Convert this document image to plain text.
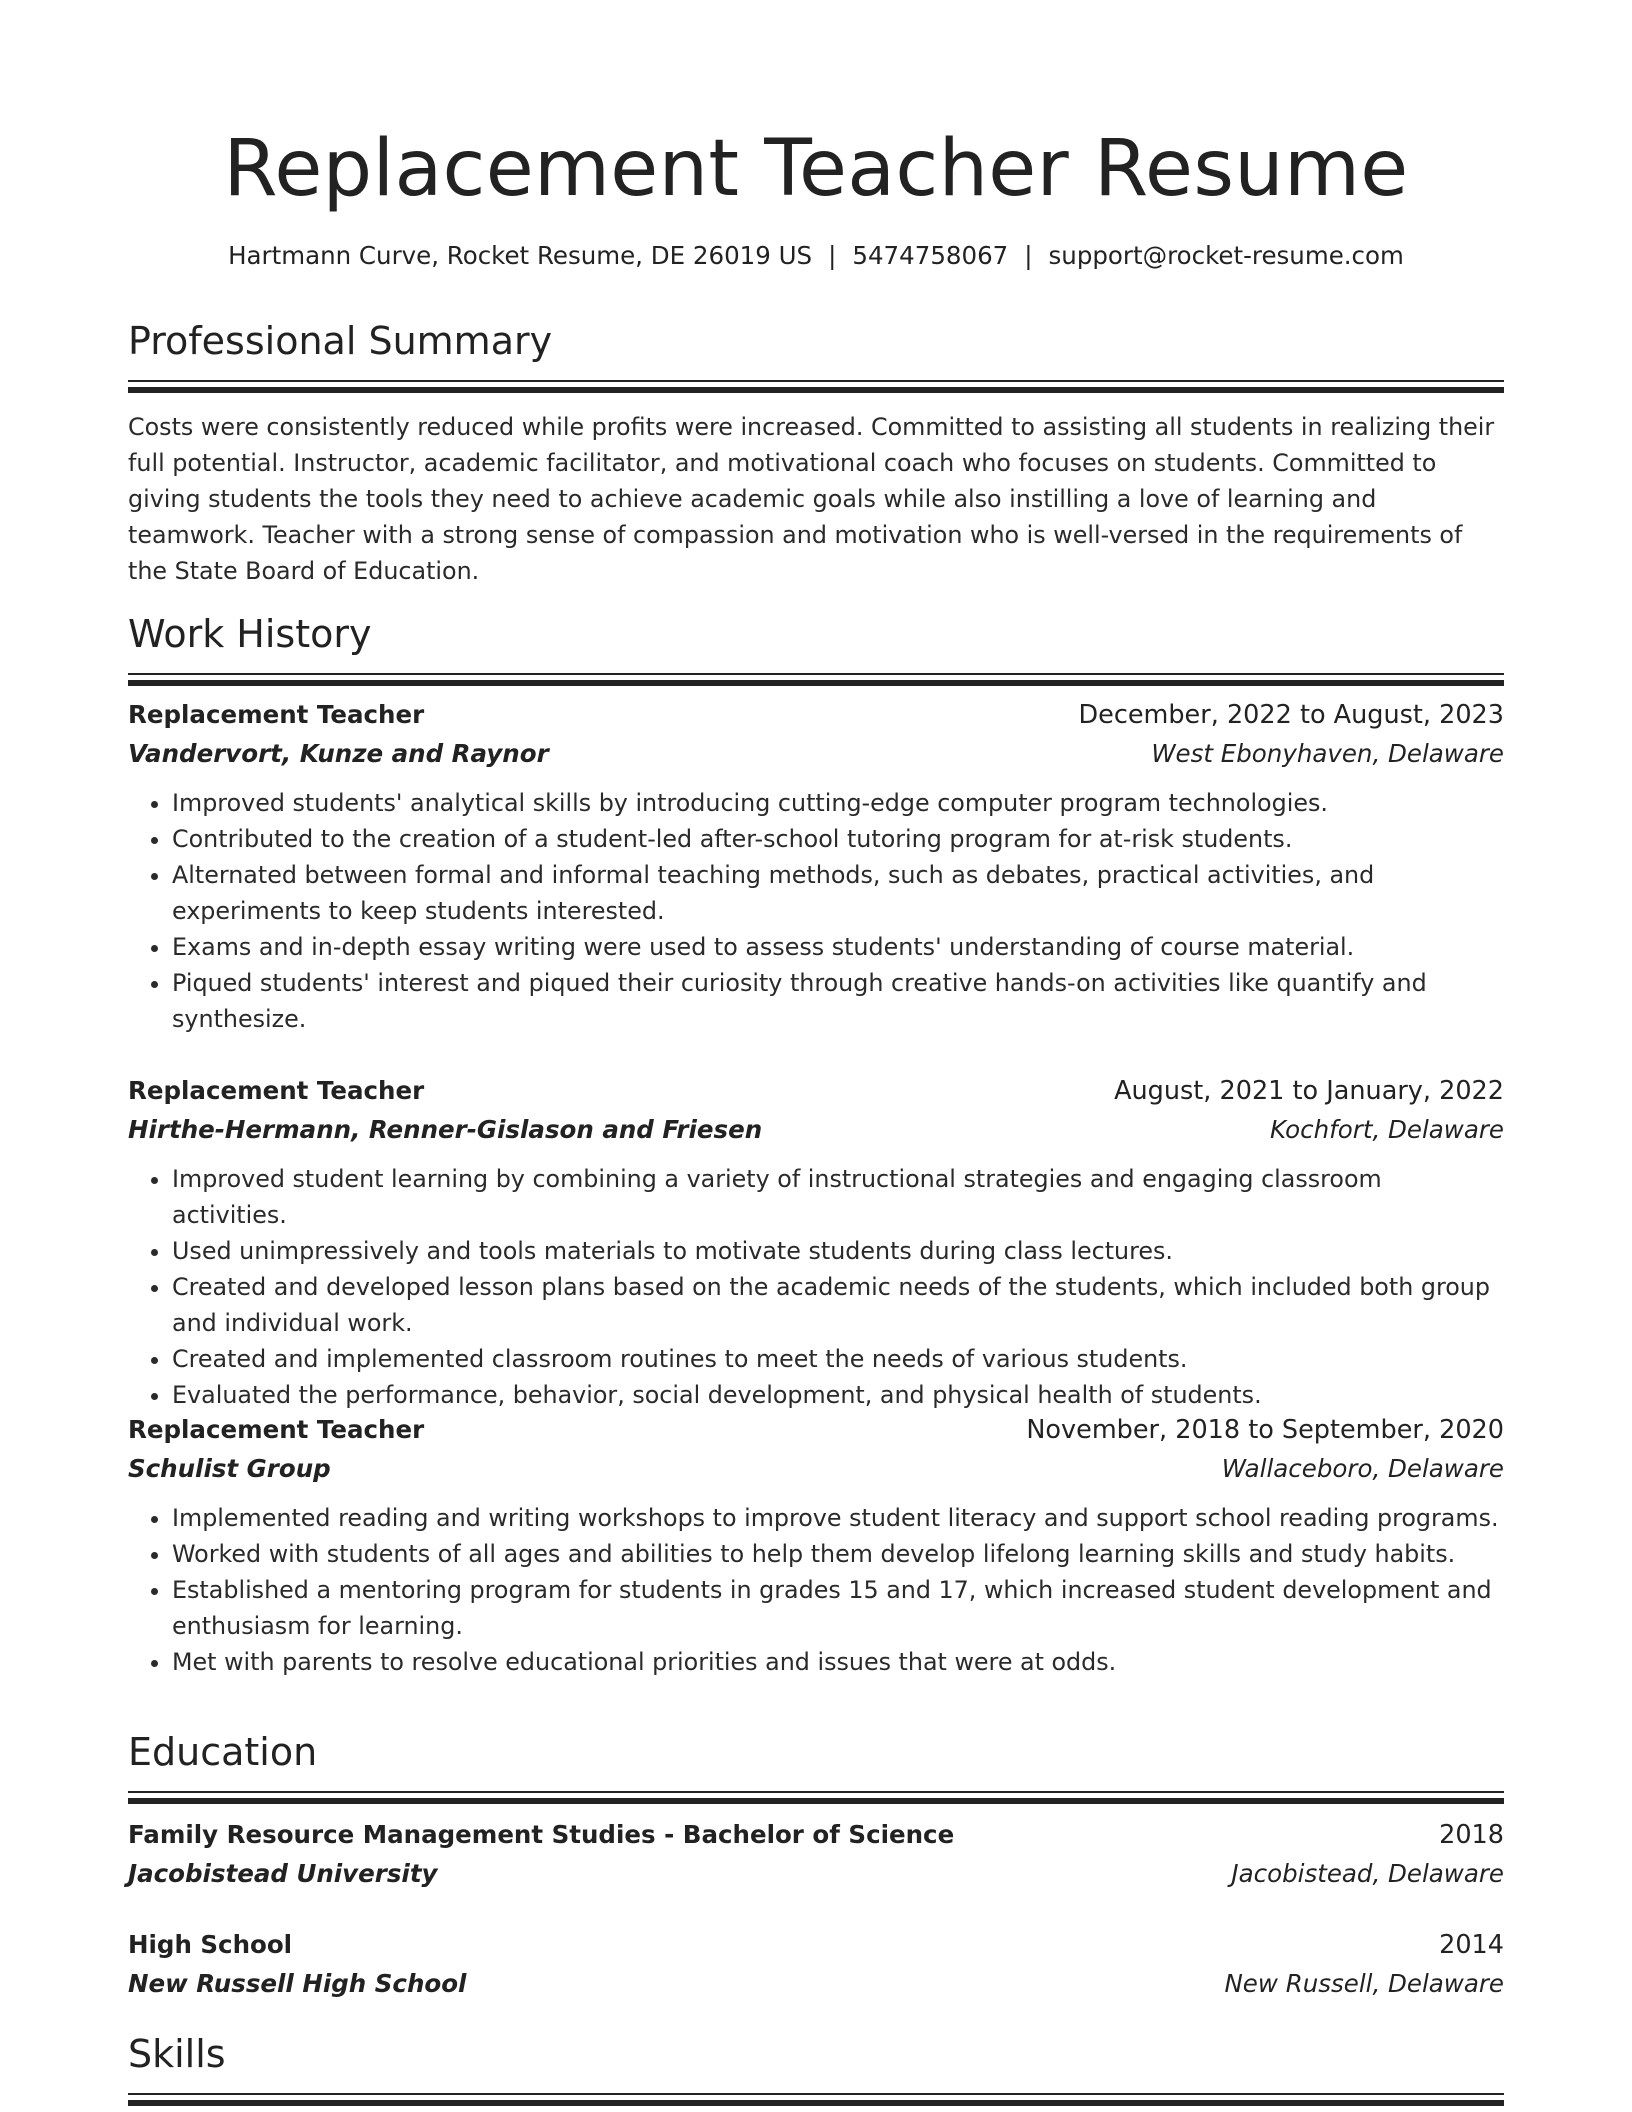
Replacement Teacher Resume
Hartmann Curve, Rocket Resume, DE 26019 US | 5474758067 | support@rocket-resume.com
Professional Summary

Costs were consistently reduced while profits were increased. Committed to assisting all students in realizing their full potential. Instructor, academic facilitator, and motivational coach who focuses on students. Committed to giving students the tools they need to achieve academic goals while also instilling a love of learning and teamwork. Teacher with a strong sense of compassion and motivation who is well-versed in the requirements of the State Board of Education.

Work History
Replacement Teacher	December, 2022 to August, 2023
Vandervort, Kunze and Raynor	West Ebonyhaven, Delaware
• Improved students' analytical skills by introducing cutting-edge computer program technologies.
• Contributed to the creation of a student-led after-school tutoring program for at-risk students.
• Alternated between formal and informal teaching methods, such as debates, practical activities, and experiments to keep students interested.
• Exams and in-depth essay writing were used to assess students' understanding of course material.
• Piqued students' interest and piqued their curiosity through creative hands-on activities like quantify and synthesize.
Replacement Teacher	August, 2021 to January, 2022
Hirthe-Hermann, Renner-Gislason and Friesen	Kochfort, Delaware
• Improved student learning by combining a variety of instructional strategies and engaging classroom activities.
• Used unimpressively and tools materials to motivate students during class lectures.
• Created and developed lesson plans based on the academic needs of the students, which included both group and individual work.
• Created and implemented classroom routines to meet the needs of various students.
• Evaluated the performance, behavior, social development, and physical health of students.
Replacement Teacher	November, 2018 to September, 2020
Schulist Group	Wallaceboro, Delaware
• Implemented reading and writing workshops to improve student literacy and support school reading programs.
• Worked with students of all ages and abilities to help them develop lifelong learning skills and study habits.
• Established a mentoring program for students in grades 15 and 17, which increased student development and enthusiasm for learning.
• Met with parents to resolve educational priorities and issues that were at odds.
Education
Family Resource Management Studies - Bachelor of Science	2018
Jacobistead University	Jacobistead, Delaware
High School	2014
New Russell High School	New Russell, Delaware
Skills
